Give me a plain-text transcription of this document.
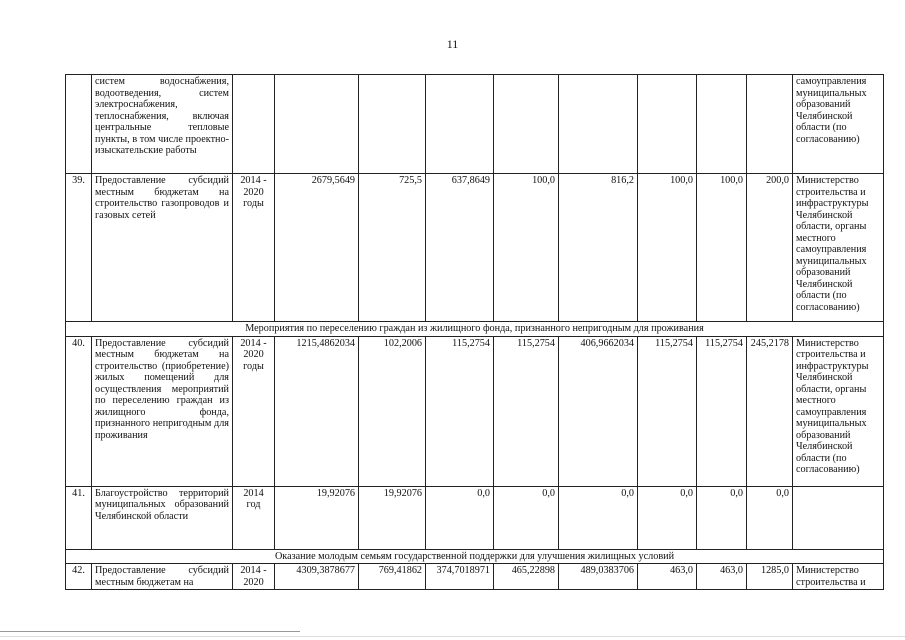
11
	систем водоснабжения, водоотведения, систем электроснабжения, теплоснабжения, включая центральные тепловые пункты, в том числе проектно-изыскательские работы										самоуправления муниципальных образований Челябинской области (по согласованию)
39.	Предоставление субсидий местным бюджетам на строительство газопроводов и газовых сетей	2014 - 2020 годы	2679,5649	725,5	637,8649	100,0	816,2	100,0	100,0	200,0	Министерство строительства и инфраструктуры Челябинской области, органы местного самоуправления муниципальных образований Челябинской области (по согласованию)
Мероприятия по переселению граждан из жилищного фонда, признанного непригодным для проживания											
40.	Предоставление субсидий местным бюджетам на строительство (приобретение) жилых помещений для осуществления мероприятий по переселению граждан из жилищного фонда, признанного непригодным для проживания	2014 - 2020 годы	1215,4862034	102,2006	115,2754	115,2754	406,9662034	115,2754	115,2754	245,2178	Министерство строительства и инфраструктуры Челябинской области, органы местного самоуправления муниципальных образований Челябинской области (по согласованию)
41.	Благоустройство территорий муниципальных образований Челябинской области	2014 год	19,92076	19,92076	0,0	0,0	0,0	0,0	0,0	0,0	
Оказание молодым семьям государственной поддержки для улучшения жилищных условий											
42.	Предоставление субсидий местным бюджетам на	2014 - 2020	4309,3878677	769,41862	374,7018971	465,22898	489,0383706	463,0	463,0	1285,0	Министерство строительства и
